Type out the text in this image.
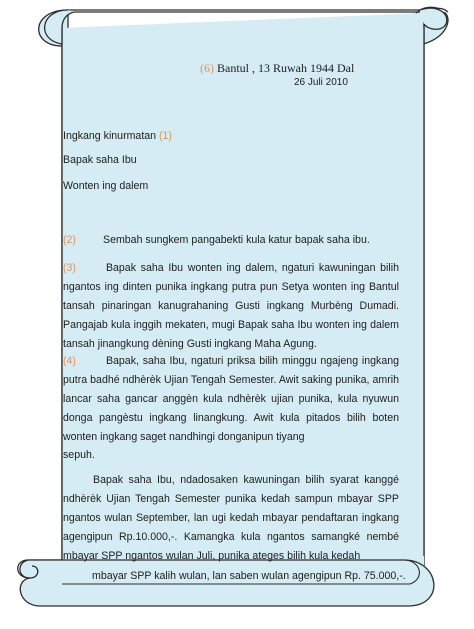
(6) Bantul , 13 Ruwah 1944 Dal
26 Juli 2010
Ingkang kinurmatan (1)
Bapak saha Ibu
Wonten ing dalem
(2)	Sembah sungkem pangabekti kula katur bapak saha ibu.
(3)	Bapak saha Ibu wonten ing dalem, ngaturi kawuningan bilih ngantos ing dinten punika ingkang putra pun Setya wonten ing Bantul tansah pinaringan kanugrahaning Gusti ingkang Murbèng Dumadi. Pangajab kula inggih mekaten, mugi Bapak saha Ibu wonten ing dalem tansah jinangkung dèning Gusti ingkang Maha Agung.
(4)	Bapak, saha Ibu, ngaturi priksa bilih minggu ngajeng ingkang putra badhé ndhèrèk Ujian Tengah Semester. Awit saking punika, amrih lancar saha gancar anggèn kula ndhèrèk ujian punika, kula nyuwun donga pangèstu ingkang linangkung. Awit kula pitados bilih boten wonten ingkang saget nandhingi donganipun tiyang
sepuh.
Bapak saha Ibu, ndadosaken kawuningan bilih syarat kanggé ndhèrèk Ujian Tengah Semester punika kedah sampun mbayar SPP ngantos wulan September, lan ugi kedah mbayar pendaftaran ingkang agengipun Rp.10.000,-. Kamangka kula ngantos samangké nembé mbayar SPP ngantos wulan Juli, punika ateges bilih kula kedah
mbayar SPP kalih wulan, lan saben wulan agengipun Rp. 75.000,-.
